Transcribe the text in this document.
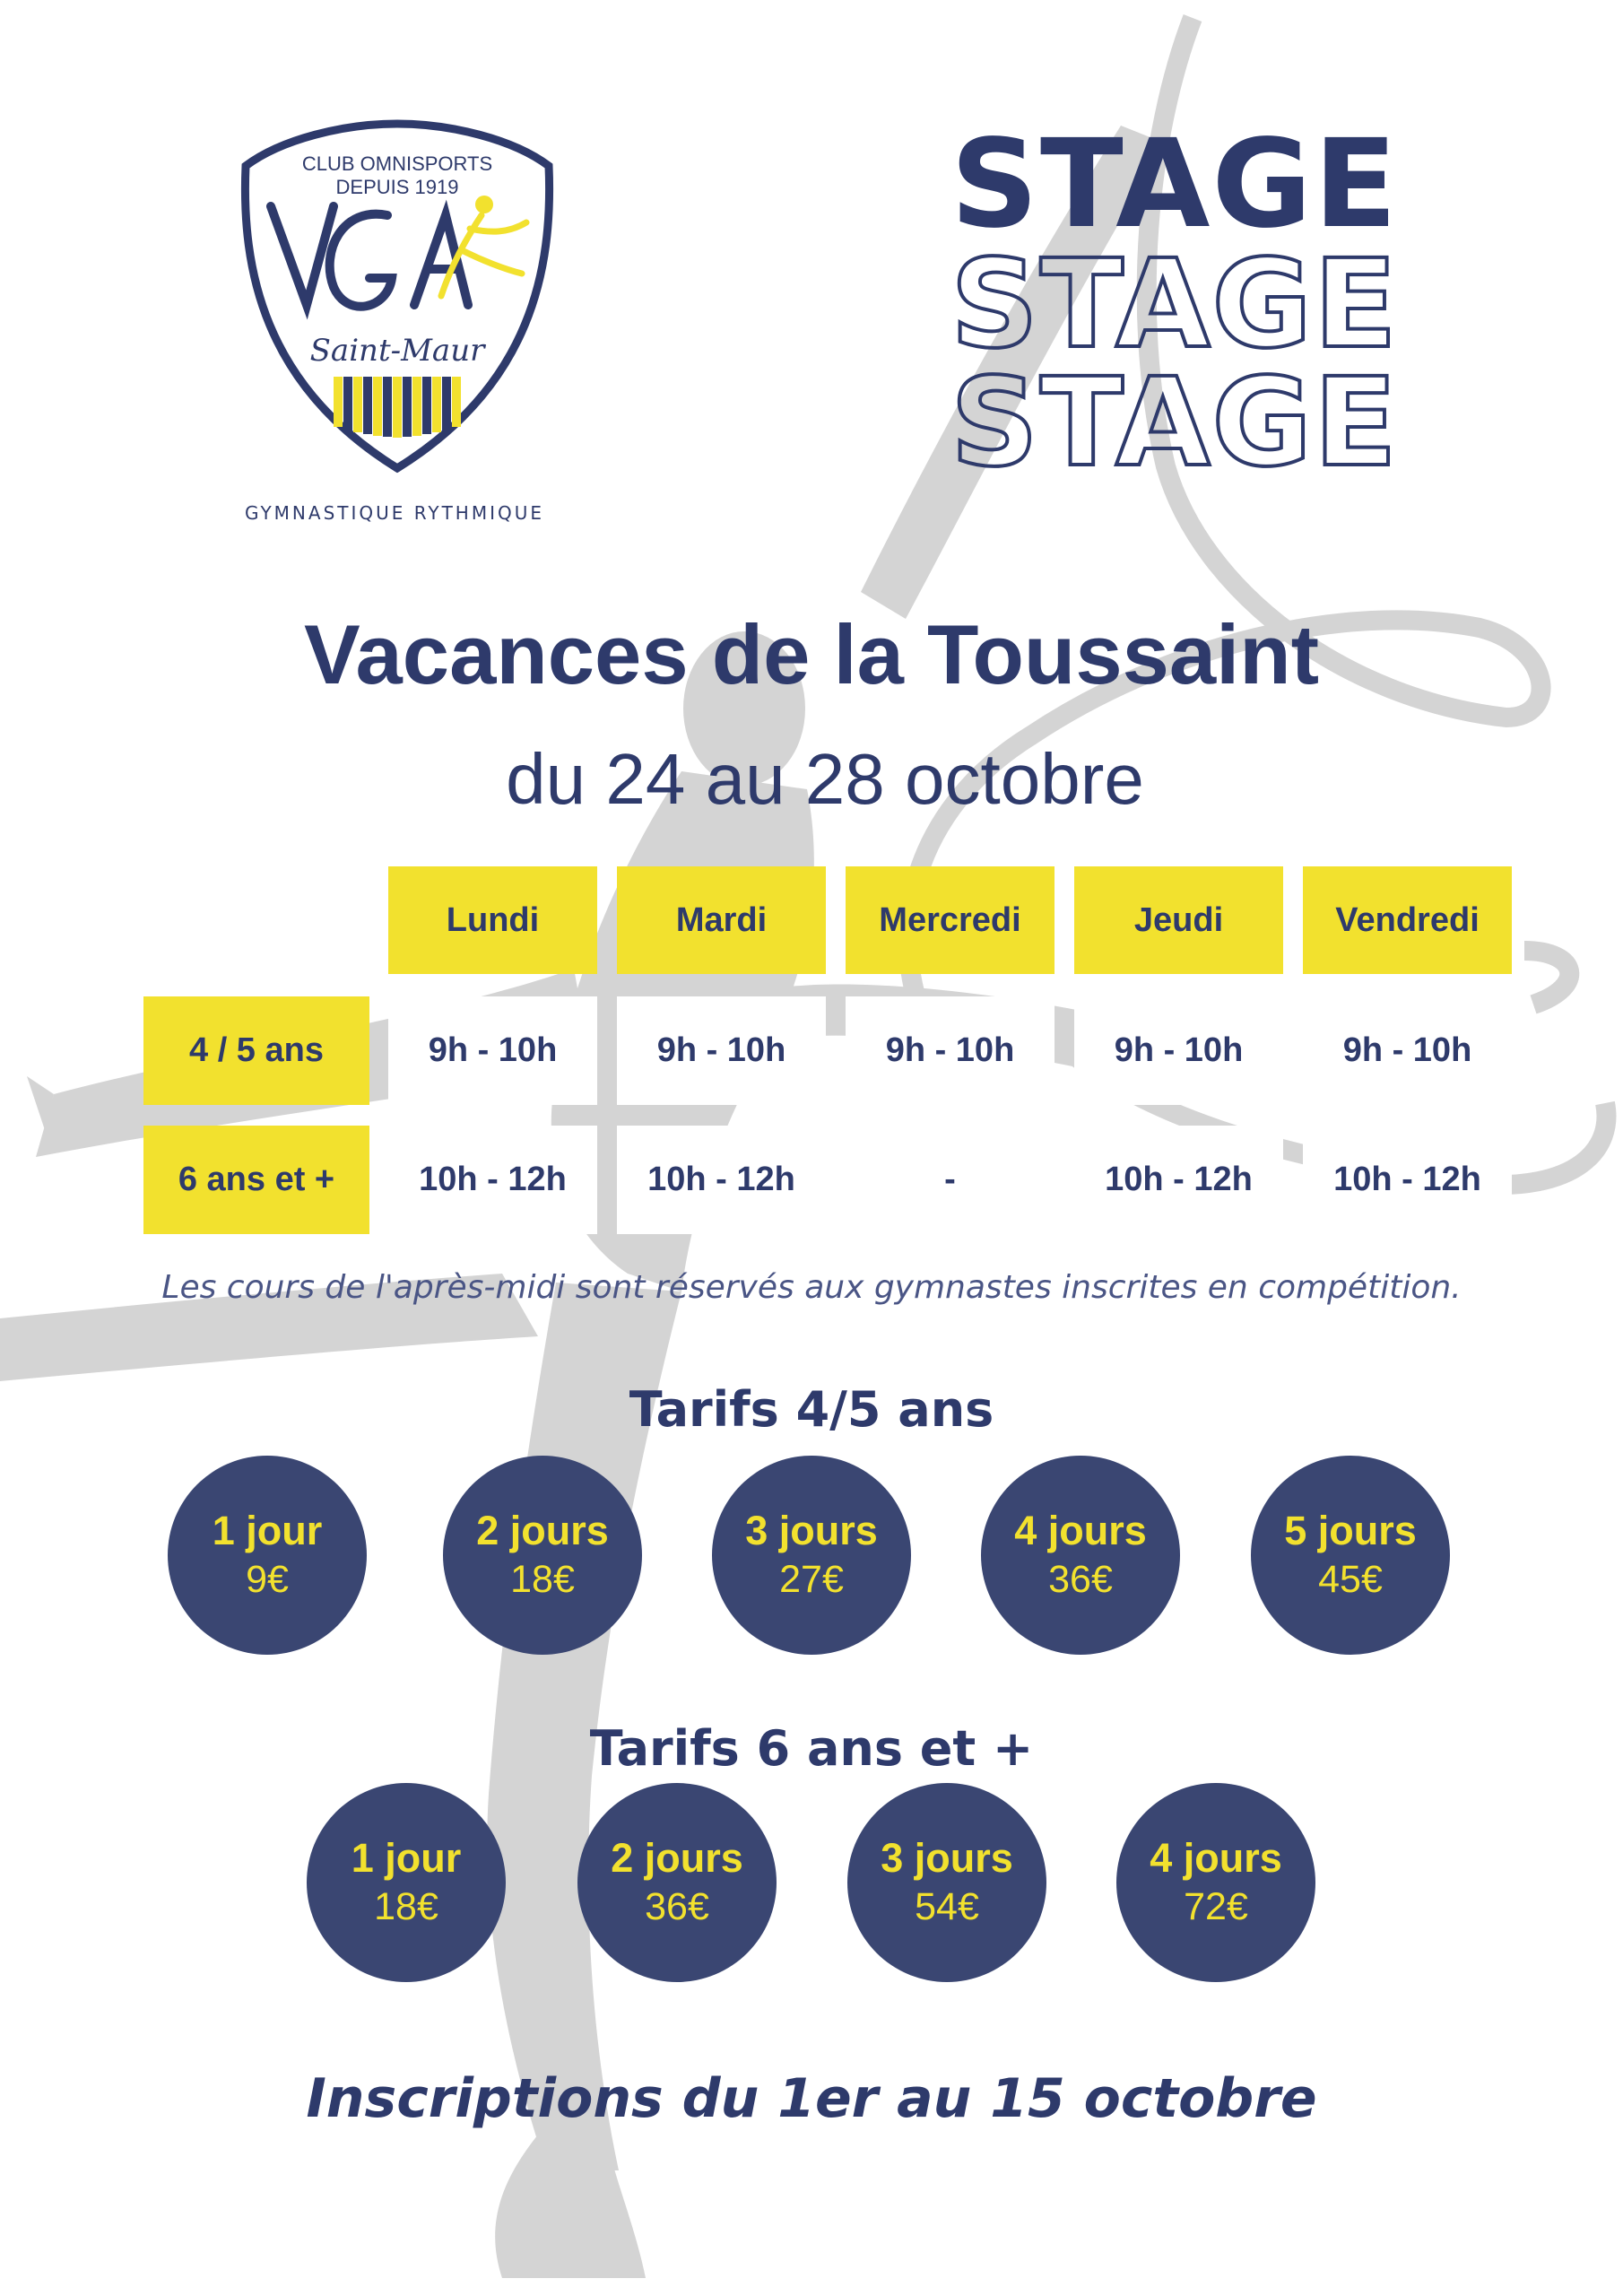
CLUB OMNISPORTS
DEPUIS 1919
Saint-Maur
GYMNASTIQUE RYTHMIQUE
STAGE
STAGE
STAGE
Vacances de la Toussaint
du 24 au 28 octobre
Lundi	Mardi	Mercredi	Jeudi	Vendredi
4 / 5 ans	9h - 10h	9h - 10h	9h - 10h	9h - 10h	9h - 10h
6 ans et +	10h - 12h	10h - 12h	-	10h - 12h	10h - 12h
Les cours de l'après-midi sont réservés aux gymnastes inscrites en compétition.
Tarifs 4/5 ans
1 jour
9€
2 jours
18€
3 jours
27€
4 jours
36€
5 jours
45€
Tarifs 6 ans et +
1 jour
18€
2 jours
36€
3 jours
54€
4 jours
72€
Inscriptions du 1er au 15 octobre
